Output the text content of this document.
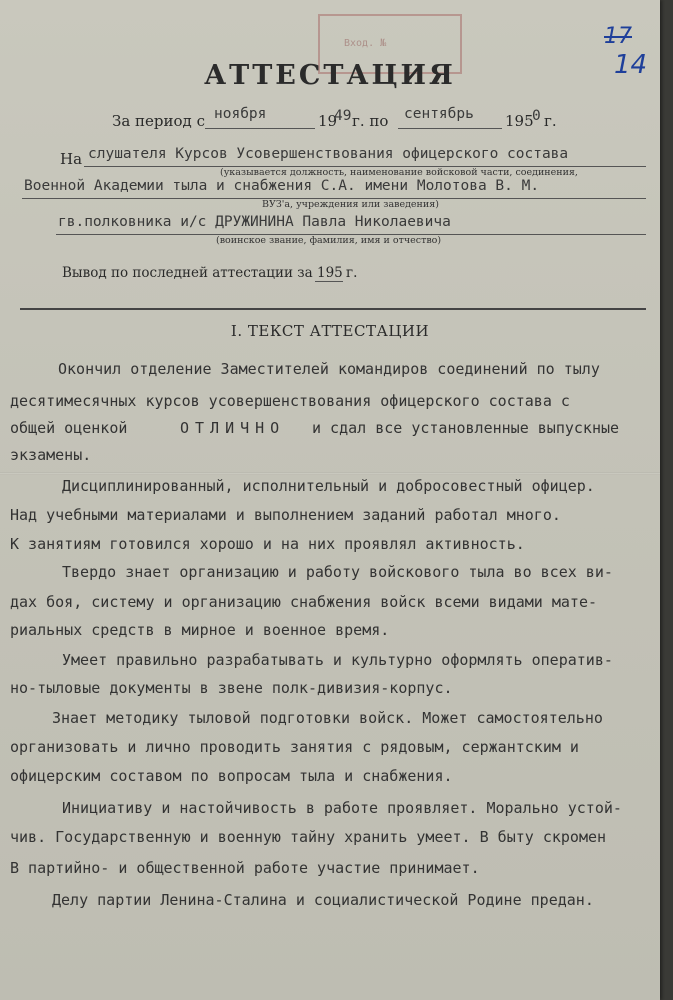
Вход. №	17
14
АТТЕСТАЦИЯ
За период с ноября	19
49 г. по сентябрь 195
0 г.
На слушателя Курсов Усовершенствования офицерского состава
(указывается должность, наименование войсковой части, соединения,
Военной Академии тыла и снабжения С.А. имени Молотова В. М.
ВУЗ'а, учреждения или заведения)
гв.полковника и/с ДРУЖИНИНА Павла Николаевича
(воинское звание, фамилия, имя и отчество)
Вывод по последней аттестации за 195 г.
I. ТЕКСТ АТТЕСТАЦИИ
Окончил отделение Заместителей командиров соединений по тылу
десятимесячных курсов усовершенствования офицерского состава с
общей оценкой	ОТЛИЧНО и сдал все установленные выпускные
экзамены.
Дисциплинированный, исполнительный и добросовестный офицер.
Над учебными материалами и выполнением заданий работал много.
К занятиям готовился хорошо и на них проявлял активность.
Твердо знает организацию и работу войскового тыла во всех ви-
дах боя, систему и организацию снабжения войск всеми видами мате-
риальных средств в мирное и военное время.
Умеет правильно разрабатывать и культурно оформлять оператив-
но-тыловые документы в звене полк-дивизия-корпус.
Знает методику тыловой подготовки войск. Может самостоятельно
организовать и лично проводить занятия с рядовым, сержантским и
офицерским составом по вопросам тыла и снабжения.
Инициативу и настойчивость в работе проявляет. Морально устой-
чив. Государственную и военную тайну хранить умеет. В быту скромен
В партийно- и общественной работе участие принимает.
Делу партии Ленина-Сталина и социалистической Родине предан.
